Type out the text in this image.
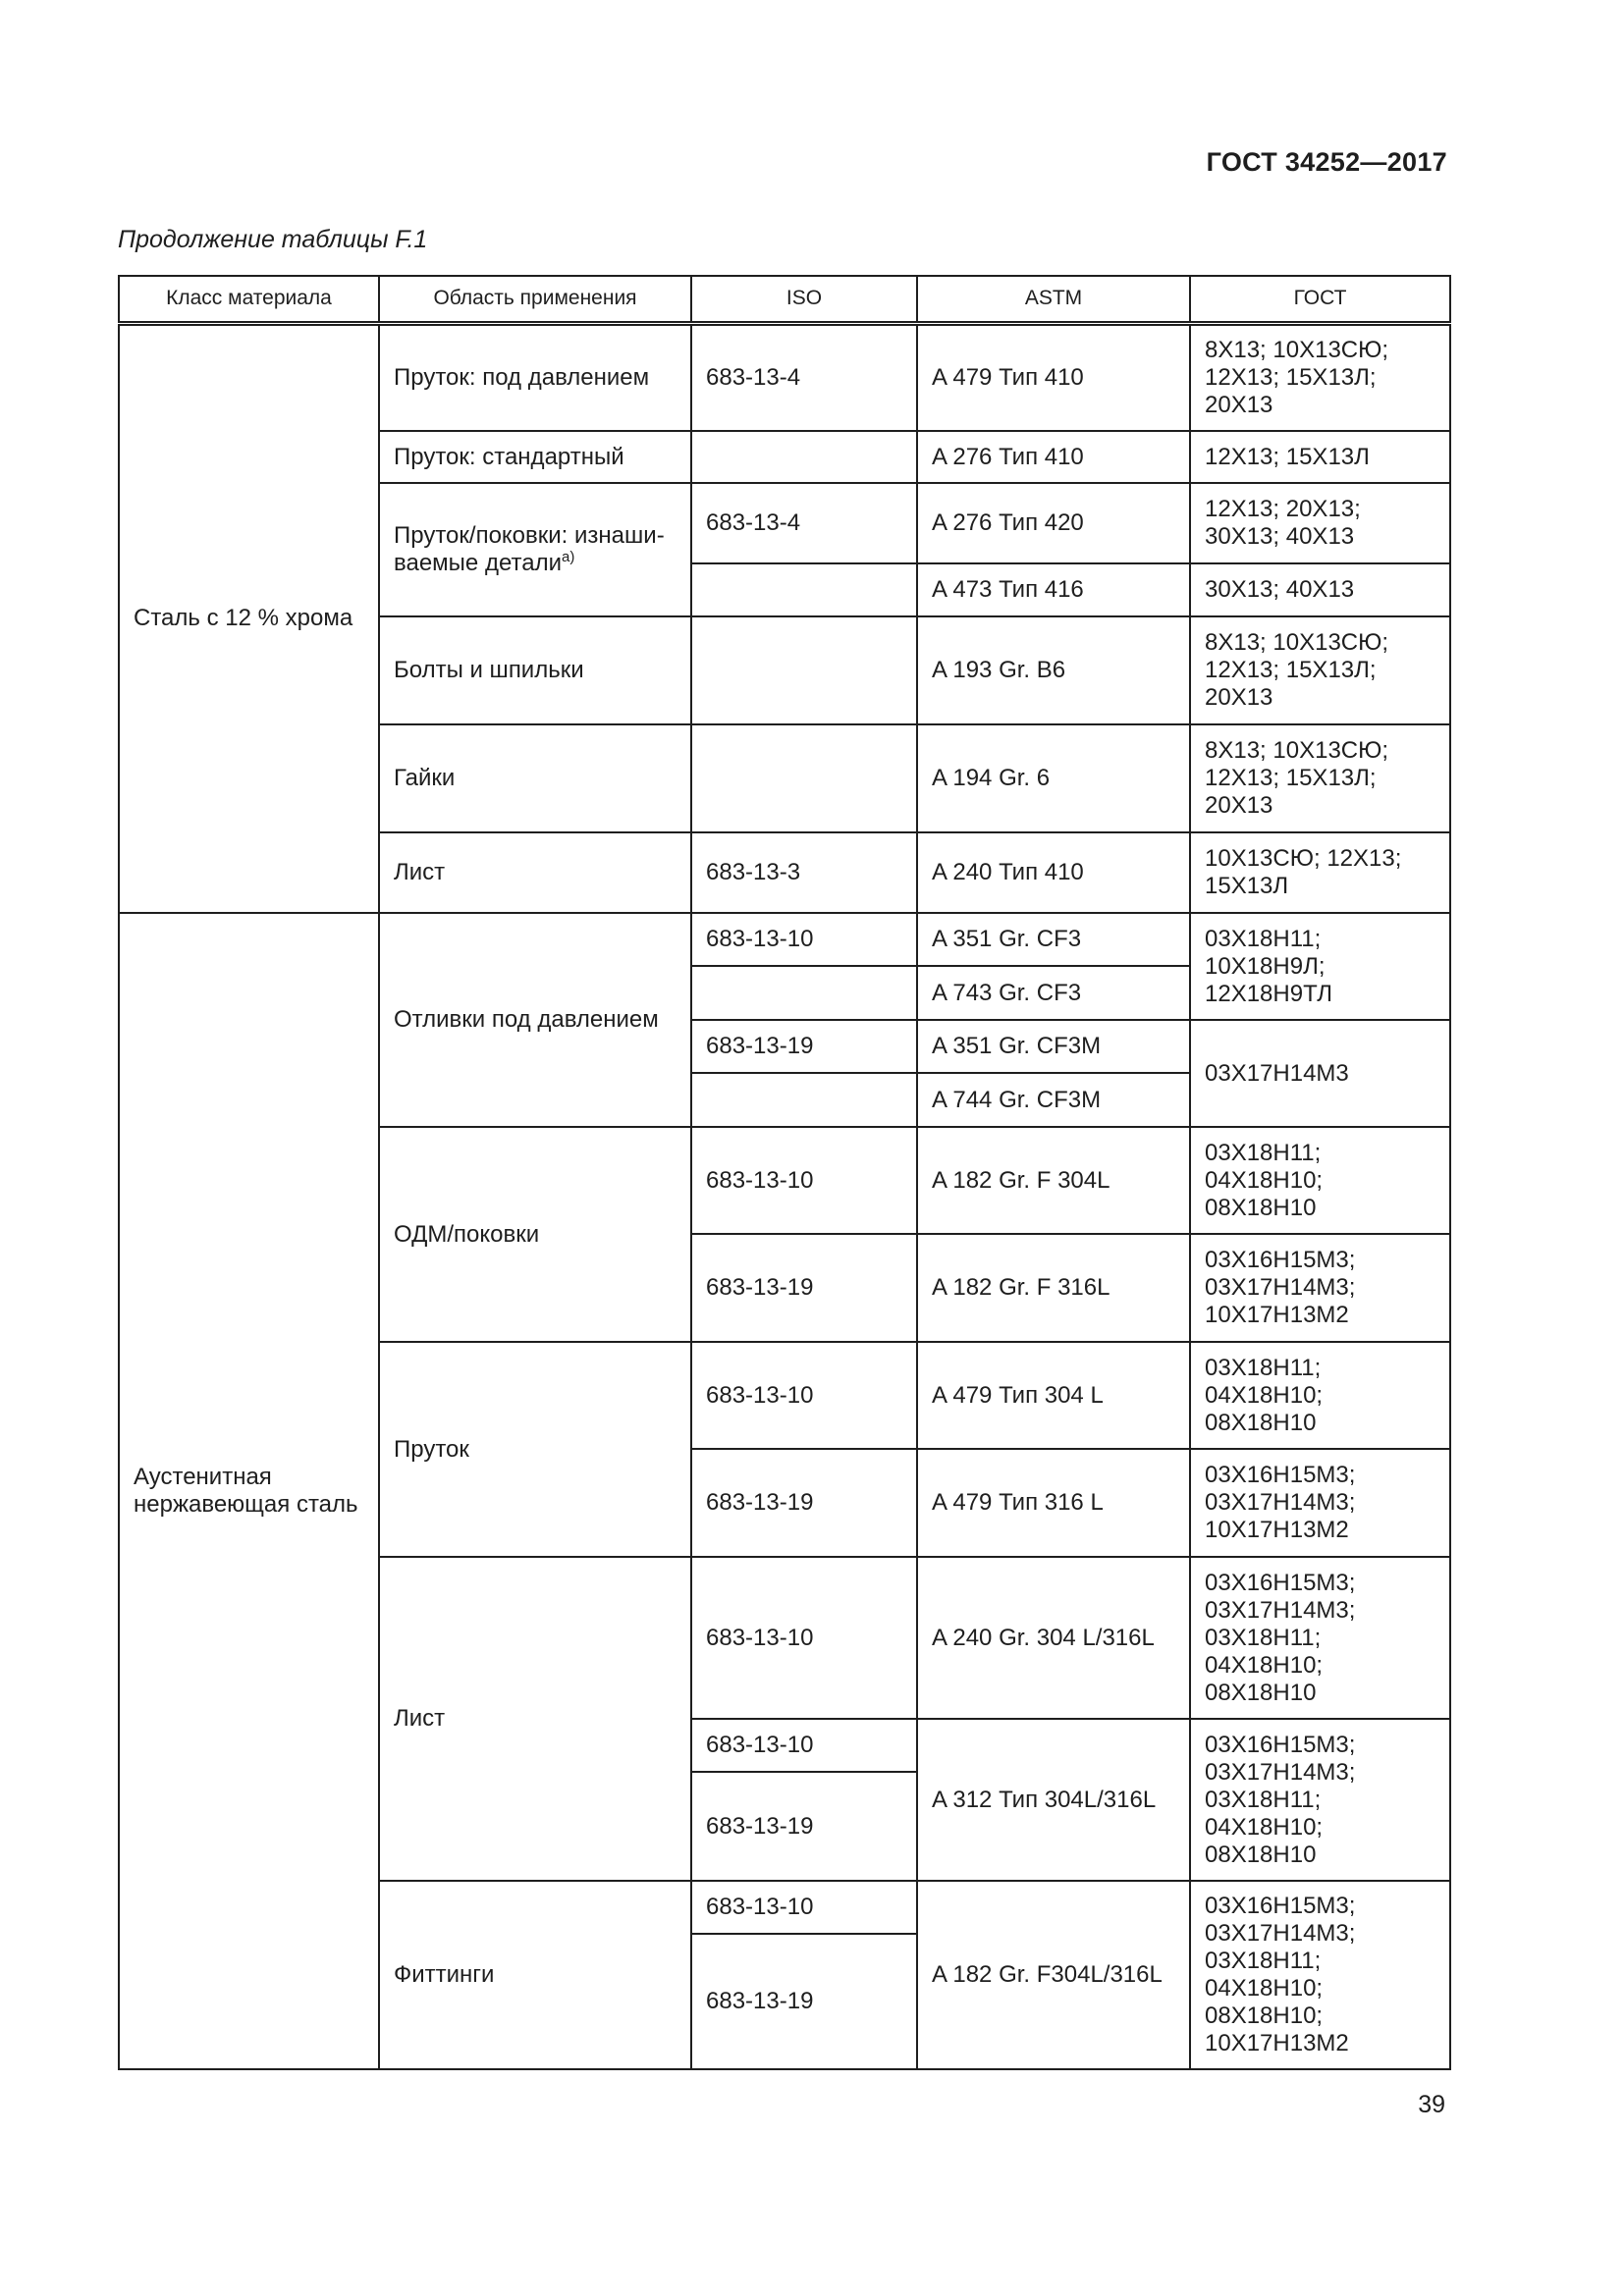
ГОСТ 34252—2017
Продолжение таблицы F.1
Класс материала	Область применения	ISO	ASTM	ГОСТ
Сталь с 12 % хрома	Пруток: под давлением	683-13-4	A 479 Тип 410	8Х13; 10Х13СЮ; 12Х13; 15Х13Л; 20Х13
	Пруток: стандартный		A 276 Тип 410	12Х13; 15Х13Л
	Пруток/поковки: изнаши-ваемые детали$^{а)}$	683-13-4	A 276 Тип 420	12Х13; 20Х13; 30Х13; 40Х13
			A 473 Тип 416	30Х13; 40Х13
	Болты и шпильки		A 193 Gr. B6	8Х13; 10Х13СЮ; 12Х13; 15Х13Л; 20Х13
	Гайки		A 194 Gr. 6	8Х13; 10Х13СЮ; 12Х13; 15Х13Л; 20Х13
	Лист	683-13-3	A 240 Тип 410	10Х13СЮ; 12Х13; 15Х13Л
Аустенитная нержавеющая сталь	Отливки под давлением	683-13-10	A 351 Gr. CF3	03Х18Н11; 10Х18Н9Л; 12Х18Н9ТЛ
			A 743 Gr. CF3	
		683-13-19	A 351 Gr. CF3M	03Х17Н14М3
			A 744 Gr. CF3M	
	ОДМ/поковки	683-13-10	A 182 Gr. F 304L	03Х18Н11; 04Х18Н10; 08Х18Н10
		683-13-19	A 182 Gr. F 316L	03Х16Н15М3; 03Х17Н14М3; 10Х17Н13М2
	Пруток	683-13-10	A 479 Тип 304 L	03Х18Н11; 04Х18Н10; 08Х18Н10
		683-13-19	A 479 Тип 316 L	03Х16Н15М3; 03Х17Н14М3; 10Х17Н13М2
	Лист	683-13-10	A 240 Gr. 304 L/316L	03Х16Н15М3; 03Х17Н14М3; 03Х18Н11; 04Х18Н10; 08Х18Н10
		683-13-10	A 312 Тип 304L/316L	03Х16Н15М3; 03Х17Н14М3; 03Х18Н11; 04Х18Н10; 08Х18Н10
		683-13-19		
	Фиттинги	683-13-10	A 182 Gr. F304L/316L	03Х16Н15М3; 03Х17Н14М3; 03Х18Н11; 04Х18Н10; 08Х18Н10; 10Х17Н13М2
		683-13-19		
39
